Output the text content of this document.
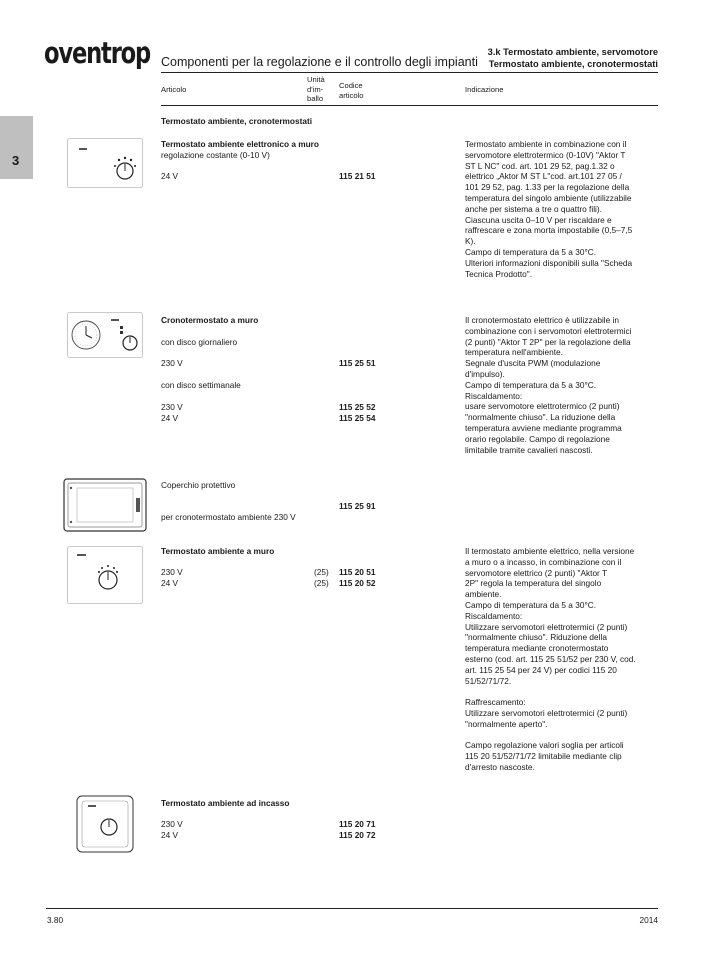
oventrop Componenti per la regolazione e il controllo degli impianti
3.k Termostato ambiente, servomotore
Termostato ambiente, cronotermostati
Articolo
Unità
d'im-
ballo
Codice
articolo
Indicazione
3
Termostato ambiente, cronotermostati
Termostato ambiente elettronico a muro
regolazione costante (0-10 V)
24 V	115 21 51
Termostato ambiente in combinazione con il
servomotore elettrotermico (0-10V) "Aktor T
ST L NC" cod. art. 101 29 52, pag.1.32 o
elettrico „Aktor M ST L"cod. art.101 27 05 /
101 29 52, pag. 1.33 per la regolazione della
temperatura del singolo ambiente (utilizzabile
anche per sistema a tre o quattro fili).
Ciascuna uscita 0–10 V per riscaldare e
raffrescare e zona morta impostabile (0,5–7,5
K).
Campo di temperatura da 5 a 30°C.
Ulteriori informazioni disponibili sulla "Scheda
Tecnica Prodotto".
Cronotermostato a muro
con disco giornaliero
230 V	115 25 51
con disco settimanale
230 V	115 25 52
24 V	115 25 54
Il cronotermostato elettrico è utilizzabile in
combinazione con i servomotori elettrotermici
(2 punti) "Aktor T 2P" per la regolazione della
temperatura nell'ambiente.
Segnale d'uscita PWM (modulazione
d'impulso).
Campo di temperatura da 5 a 30°C.
Riscaldamento:
usare servomotore elettrotermico (2 punti)
"normalmente chiuso". La riduzione della
temperatura avviene mediante programma
orario regolabile. Campo di regolazione
limitabile tramite cavalieri nascosti.
Coperchio protettivo
115 25 91
per cronotermostato ambiente 230 V
Termostato ambiente a muro
230 V	(25) 115 20 51
24 V	(25) 115 20 52
Il termostato ambiente elettrico, nella versione
a muro o a incasso, in combinazione con il
servomotore elettrico (2 punti) "Aktor T
2P" regola la temperatura del singolo
ambiente.
Campo di temperatura da 5 a 30°C.
Riscaldamento:
Utilizzare servomotori elettrotermici (2 punti)
"normalmente chiuso". Riduzione della
temperatura mediante cronotermostato
esterno (cod. art. 115 25 51/52 per 230 V, cod.
art. 115 25 54 per 24 V) per codici 115 20
51/52/71/72.
Raffrescamento:
Utilizzare servomotori elettrotermici (2 punti)
"normalmente aperto".
Campo regolazione valori soglia per articoli
115 20 51/52/71/72 limitabile mediante clip
d'arresto nascoste.
Termostato ambiente ad incasso
230 V	115 20 71
24 V	115 20 72
3.80	2014
